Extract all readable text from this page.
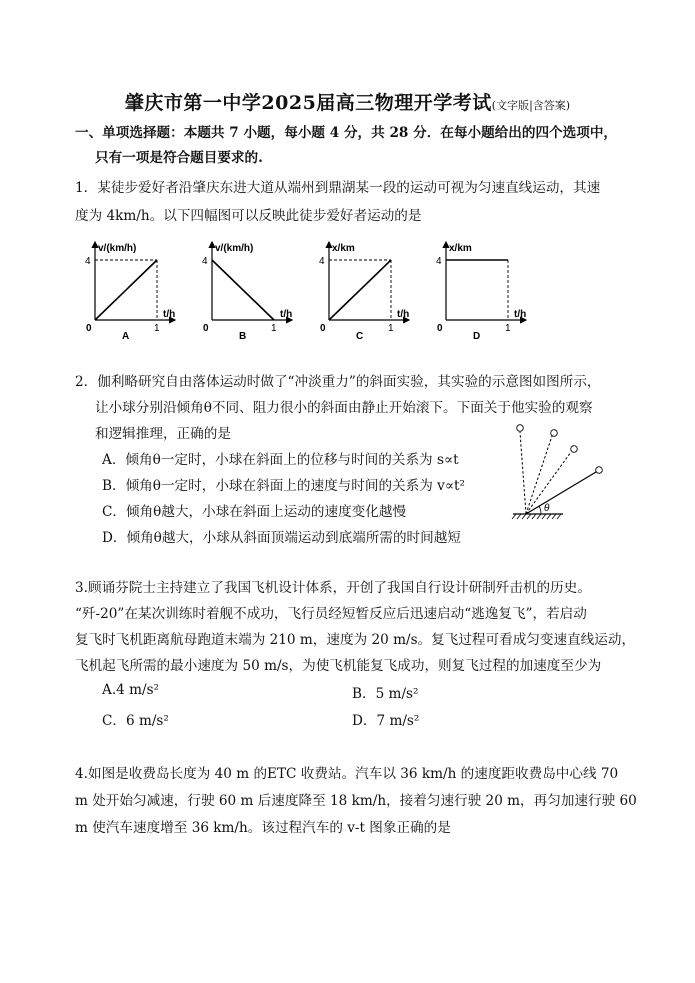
肇庆市第一中学2025届高三物理开学考试(文字版|含答案)
一、单项选择题：本题共 7 小题，每小题 4 分，共 28 分．在每小题给出的四个选项中，
只有一项是符合题目要求的.
1．某徒步爱好者沿肇庆东进大道从端州到鼎湖某一段的运动可视为匀速直线运动，其速
度为 4km/h。以下四幅图可以反映此徒步爱好者运动的是
v/(km/h)
4
0	1
t/h
A
v/(km/h)
4
0	1
t/h
B
x/km
4
0	1
t/h
C
x/km
4
0	1
t/h
D
2．伽利略研究自由落体运动时做了“冲淡重力”的斜面实验，其实验的示意图如图所示，
让小球分别沿倾角θ不同、阻力很小的斜面由静止开始滚下。下面关于他实验的观察
和逻辑推理，正确的是
A．倾角θ一定时，小球在斜面上的位移与时间的关系为 s∝t
B．倾角θ一定时，小球在斜面上的速度与时间的关系为 v∝t²
C．倾角θ越大，小球在斜面上运动的速度变化越慢
D．倾角θ越大，小球从斜面顶端运动到底端所需的时间越短
θ
3.顾诵芬院士主持建立了我国飞机设计体系，开创了我国自行设计研制歼击机的历史。
“歼-20”在某次训练时着舰不成功，飞行员经短暂反应后迅速启动“逃逸复飞”，若启动
复飞时飞机距离航母跑道末端为 210 m，速度为 20 m/s。复飞过程可看成匀变速直线运动，
飞机起飞所需的最小速度为 50 m/s，为使飞机能复飞成功，则复飞过程的加速度至少为
A.4 m/s²	B．5 m/s²
C．6 m/s²	D．7 m/s²
4.如图是收费岛长度为 40 m 的ETC 收费站。汽车以 36 km/h 的速度距收费岛中心线 70
m 处开始匀减速，行驶 60 m 后速度降至 18 km/h，接着匀速行驶 20 m，再匀加速行驶 60
m 使汽车速度增至 36 km/h。该过程汽车的 v-t 图象正确的是
